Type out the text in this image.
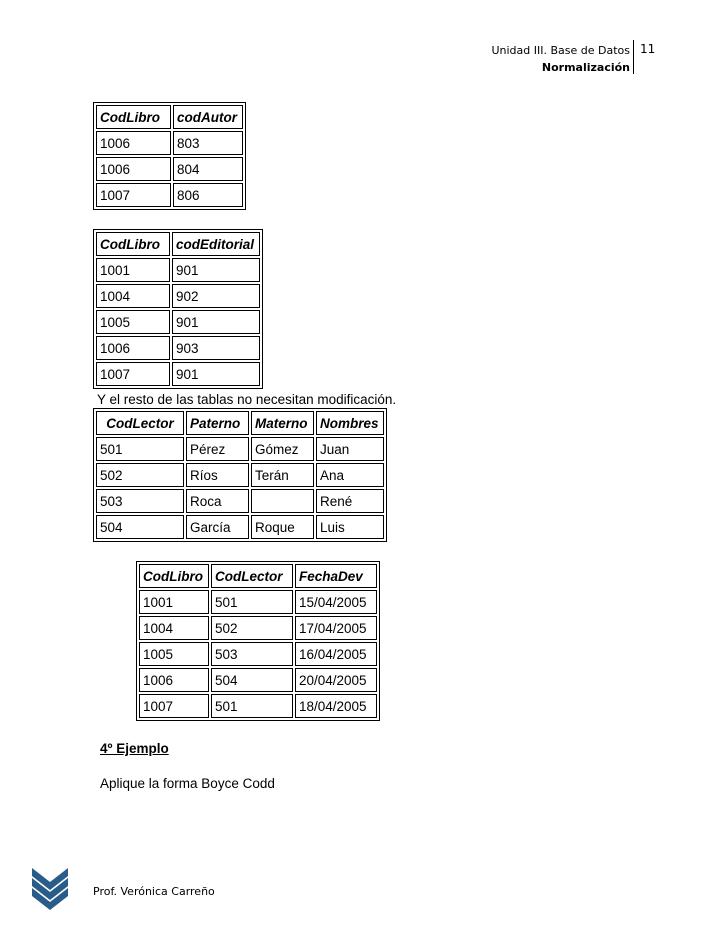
Unidad III. Base de Datos
Normalización
11
CodLibro	codAutor
1006	803
1006	804
1007	806
CodLibro	codEditorial
1001	901
1004	902
1005	901
1006	903
1007	901
Y el resto de las tablas no necesitan modificación.
CodLector	Paterno	Materno	Nombres
501	Pérez	Gómez	Juan
502	Ríos	Terán	Ana
503	Roca		René
504	García	Roque	Luis
CodLibro	CodLector	FechaDev
1001	501	15/04/2005
1004	502	17/04/2005
1005	503	16/04/2005
1006	504	20/04/2005
1007	501	18/04/2005
4º Ejemplo
Aplique la forma Boyce Codd
Prof. Verónica Carreño
